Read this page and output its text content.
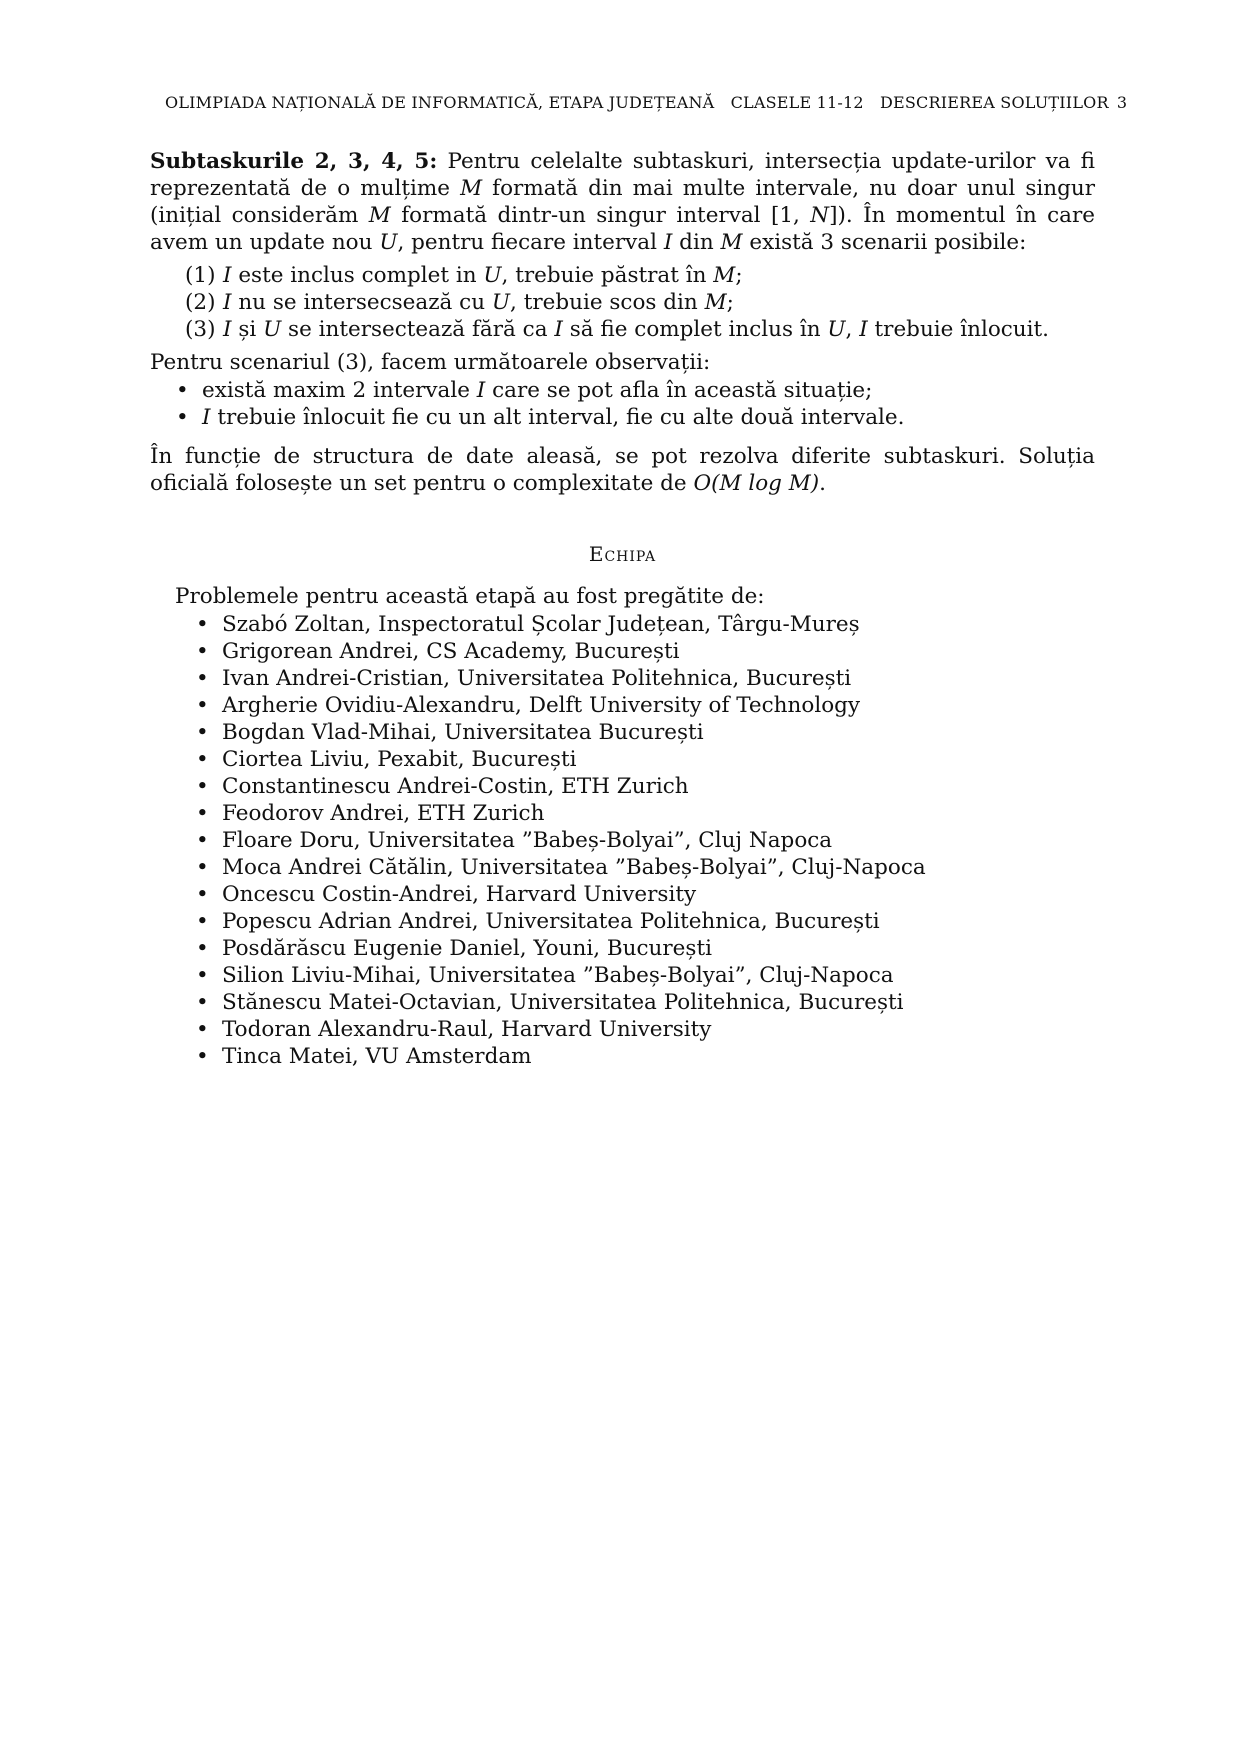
OLIMPIADA NAȚIONALĂ DE INFORMATICĂ, ETAPA JUDEȚEANĂ CLASELE 11-12 DESCRIEREA SOLUȚIILOR 3
Subtaskurile 2, 3, 4, 5: Pentru celelalte subtaskuri, intersecția update-urilor va fi reprezentată de o mulțime M formată din mai multe intervale, nu doar unul singur (inițial considerăm M formată dintr-un singur interval [1, N]). În momentul în care avem un update nou U, pentru fiecare interval I din M există 3 scenarii posibile:
(1) I este inclus complet in U, trebuie păstrat în M;
(2) I nu se intersecsează cu U, trebuie scos din M;
(3) I și U se intersectează fără ca I să fie complet inclus în U, I trebuie înlocuit.
Pentru scenariul (3), facem următoarele observații:
• există maxim 2 intervale I care se pot afla în această situație;
• I trebuie înlocuit fie cu un alt interval, fie cu alte două intervale.
În funcție de structura de date aleasă, se pot rezolva diferite subtaskuri. Soluția oficială folosește un set pentru o complexitate de O(M log M).
Echipa
Problemele pentru această etapă au fost pregătite de:
• Szabó Zoltan, Inspectoratul Școlar Județean, Târgu-Mureș
• Grigorean Andrei, CS Academy, București
• Ivan Andrei-Cristian, Universitatea Politehnica, București
• Argherie Ovidiu-Alexandru, Delft University of Technology
• Bogdan Vlad-Mihai, Universitatea București
• Ciortea Liviu, Pexabit, București
• Constantinescu Andrei-Costin, ETH Zurich
• Feodorov Andrei, ETH Zurich
• Floare Doru, Universitatea ”Babeș-Bolyai”, Cluj Napoca
• Moca Andrei Cătălin, Universitatea ”Babeș-Bolyai”, Cluj-Napoca
• Oncescu Costin-Andrei, Harvard University
• Popescu Adrian Andrei, Universitatea Politehnica, București
• Posdărăscu Eugenie Daniel, Youni, București
• Silion Liviu-Mihai, Universitatea ”Babeș-Bolyai”, Cluj-Napoca
• Stănescu Matei-Octavian, Universitatea Politehnica, București
• Todoran Alexandru-Raul, Harvard University
• Tinca Matei, VU Amsterdam
